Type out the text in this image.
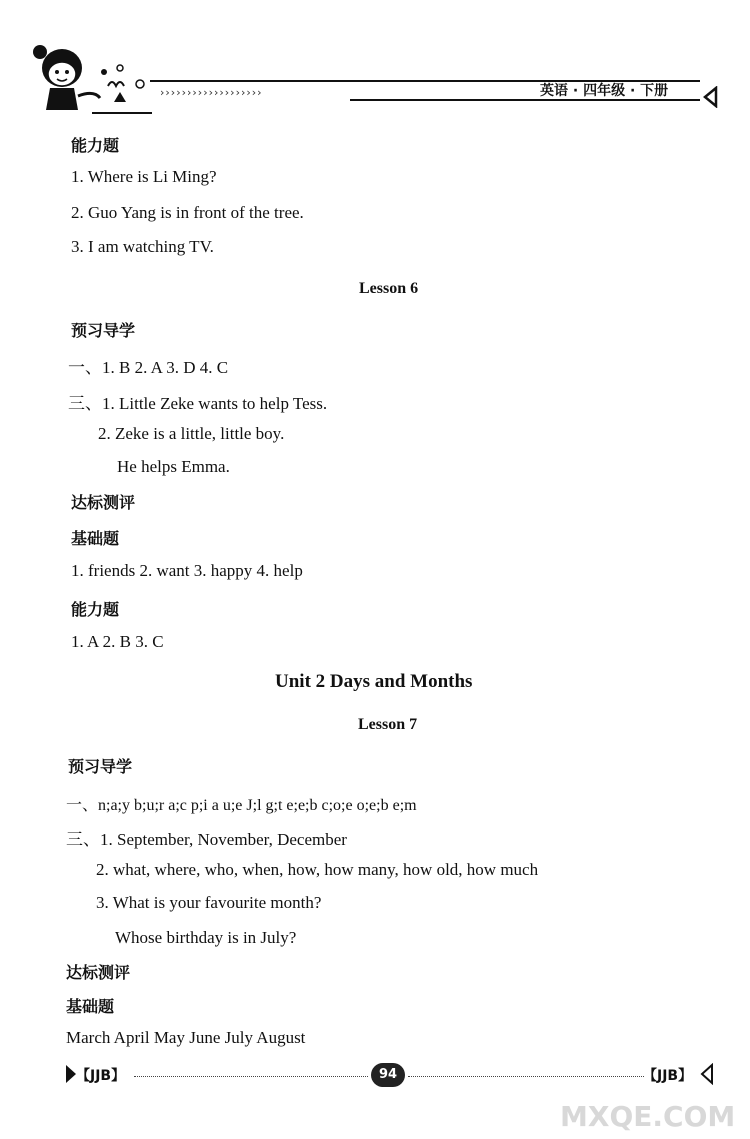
›››››››››››››››››››	英语 · 四年级 · 下册
能力题
1. Where is Li Ming?
2. Guo Yang is in front of the tree.
3. I am watching TV.
Lesson 6
预习导学
一、1. B 2. A 3. D 4. C
三、1. Little Zeke wants to help Tess.
2. Zeke is a little, little boy.
He helps Emma.
达标测评
基础题
1. friends 2. want 3. happy 4. help
能力题
1. A 2. B 3. C
Unit 2 Days and Months
Lesson 7
预习导学
一、n;a;y b;u;r a;c p;i a u;e J;l g;t e;e;b c;o;e o;e;b e;m
三、1. September, November, December
2. what, where, who, when, how, how many, how old, how much
3. What is your favourite month?
Whose birthday is in July?
达标测评
基础题
March April May June July August
【JJB】	94	【JJB】
MXQE.COM
